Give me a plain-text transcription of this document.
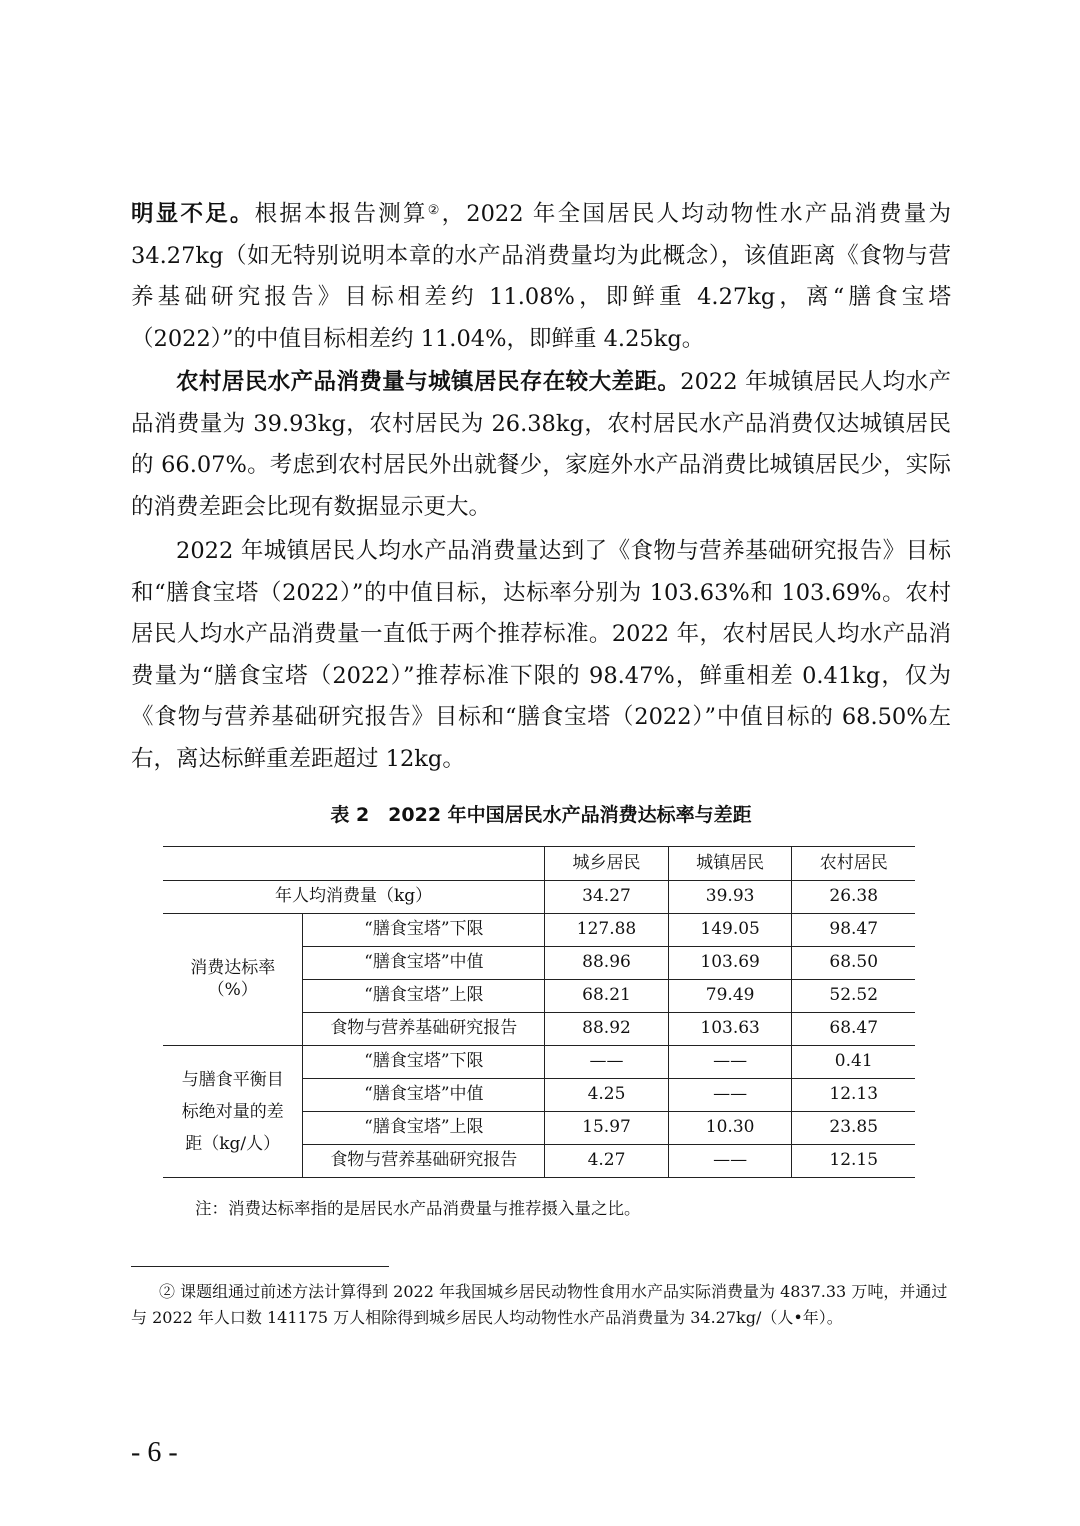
明显不足。根据本报告测算②，2022 年全国居民人均动物性水产品消费量为 34.27kg（如无特别说明本章的水产品消费量均为此概念），该值距离《食物与营养基础研究报告》目标相差约 11.08%，即鲜重 4.27kg，离“膳食宝塔（2022）”的中值目标相差约 11.04%，即鲜重 4.25kg。

农村居民水产品消费量与城镇居民存在较大差距。2022 年城镇居民人均水产品消费量为 39.93kg，农村居民为 26.38kg，农村居民水产品消费仅达城镇居民的 66.07%。考虑到农村居民外出就餐少，家庭外水产品消费比城镇居民少，实际的消费差距会比现有数据显示更大。

2022 年城镇居民人均水产品消费量达到了《食物与营养基础研究报告》目标和“膳食宝塔（2022）”的中值目标，达标率分别为 103.63%和 103.69%。农村居民人均水产品消费量一直低于两个推荐标准。2022 年，农村居民人均水产品消费量为“膳食宝塔（2022）”推荐标准下限的 98.47%，鲜重相差 0.41kg，仅为《食物与营养基础研究报告》目标和“膳食宝塔（2022）”中值目标的 68.50%左右，离达标鲜重差距超过 12kg。

表 2　2022 年中国居民水产品消费达标率与差距
		城乡居民	城镇居民	农村居民
年人均消费量（kg）		34.27	39.93	26.38
消费达标率
（%）	“膳食宝塔”下限	127.88	149.05	98.47
	“膳食宝塔”中值	88.96	103.69	68.50
	“膳食宝塔”上限	68.21	79.49	52.52
	食物与营养基础研究报告	88.92	103.63	68.47
与膳食平衡目
标绝对量的差
距（kg/人）	“膳食宝塔”下限	——	——	0.41
	“膳食宝塔”中值	4.25	——	12.13
	“膳食宝塔”上限	15.97	10.30	23.85
	食物与营养基础研究报告	4.27	——	12.15
注：消费达标率指的是居民水产品消费量与推荐摄入量之比。

② 课题组通过前述方法计算得到 2022 年我国城乡居民动物性食用水产品实际消费量为 4837.33 万吨，并通过与 2022 年人口数 141175 万人相除得到城乡居民人均动物性水产品消费量为 34.27kg/（人•年）。

- 6 -
